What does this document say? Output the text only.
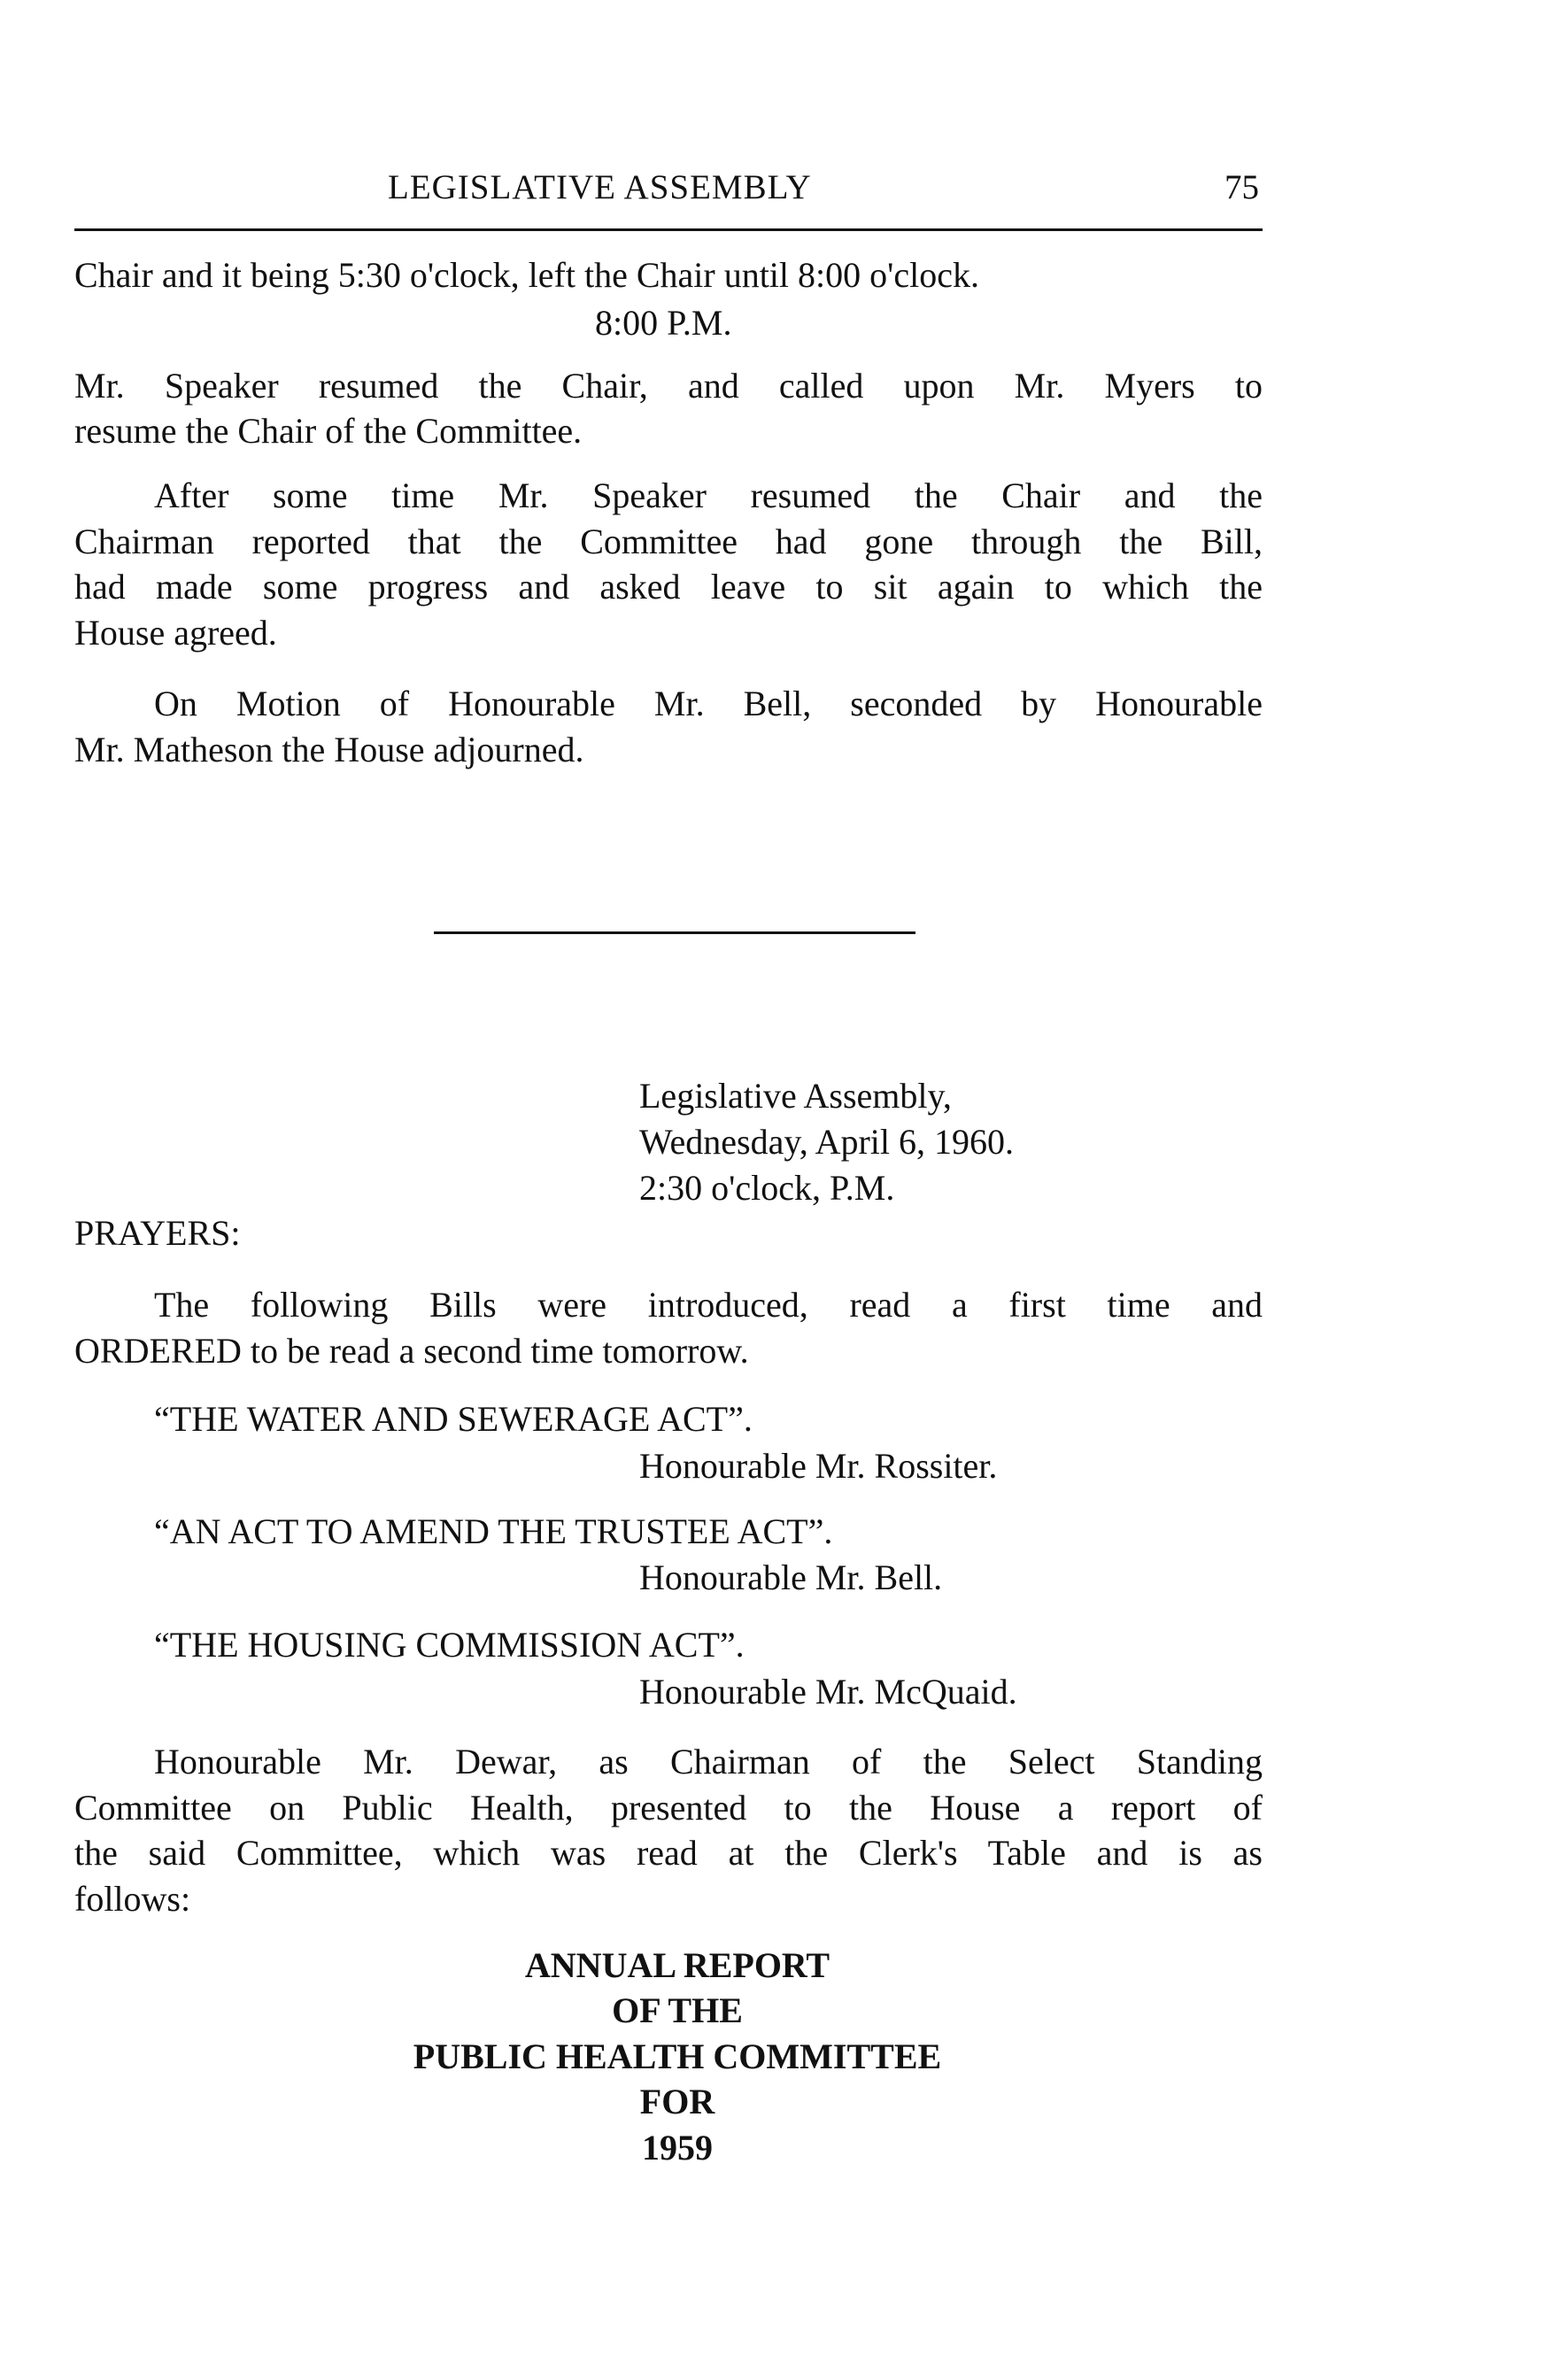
LEGISLATIVE ASSEMBLY	75
Chair and it being 5:30 o'clock, left the Chair until 8:00 o'clock.
8:00 P.M.
Mr. Speaker resumed the Chair, and called upon Mr. Myers to
resume the Chair of the Committee.
After some time Mr. Speaker resumed the Chair and the
Chairman reported that the Committee had gone through the Bill,
had made some progress and asked leave to sit again to which the
House agreed.
On Motion of Honourable Mr. Bell, seconded by Honourable
Mr. Matheson the House adjourned.
Legislative Assembly,
Wednesday, April 6, 1960.
2:30 o'clock, P.M.
PRAYERS:
The following Bills were introduced, read a first time and
ORDERED to be read a second time tomorrow.
“THE WATER AND SEWERAGE ACT”.
Honourable Mr. Rossiter.
“AN ACT TO AMEND THE TRUSTEE ACT”.
Honourable Mr. Bell.
“THE HOUSING COMMISSION ACT”.
Honourable Mr. McQuaid.
Honourable Mr. Dewar, as Chairman of the Select Standing
Committee on Public Health, presented to the House a report of
the said Committee, which was read at the Clerk's Table and is as
follows:
ANNUAL REPORT
OF THE
PUBLIC HEALTH COMMITTEE
FOR
1959
